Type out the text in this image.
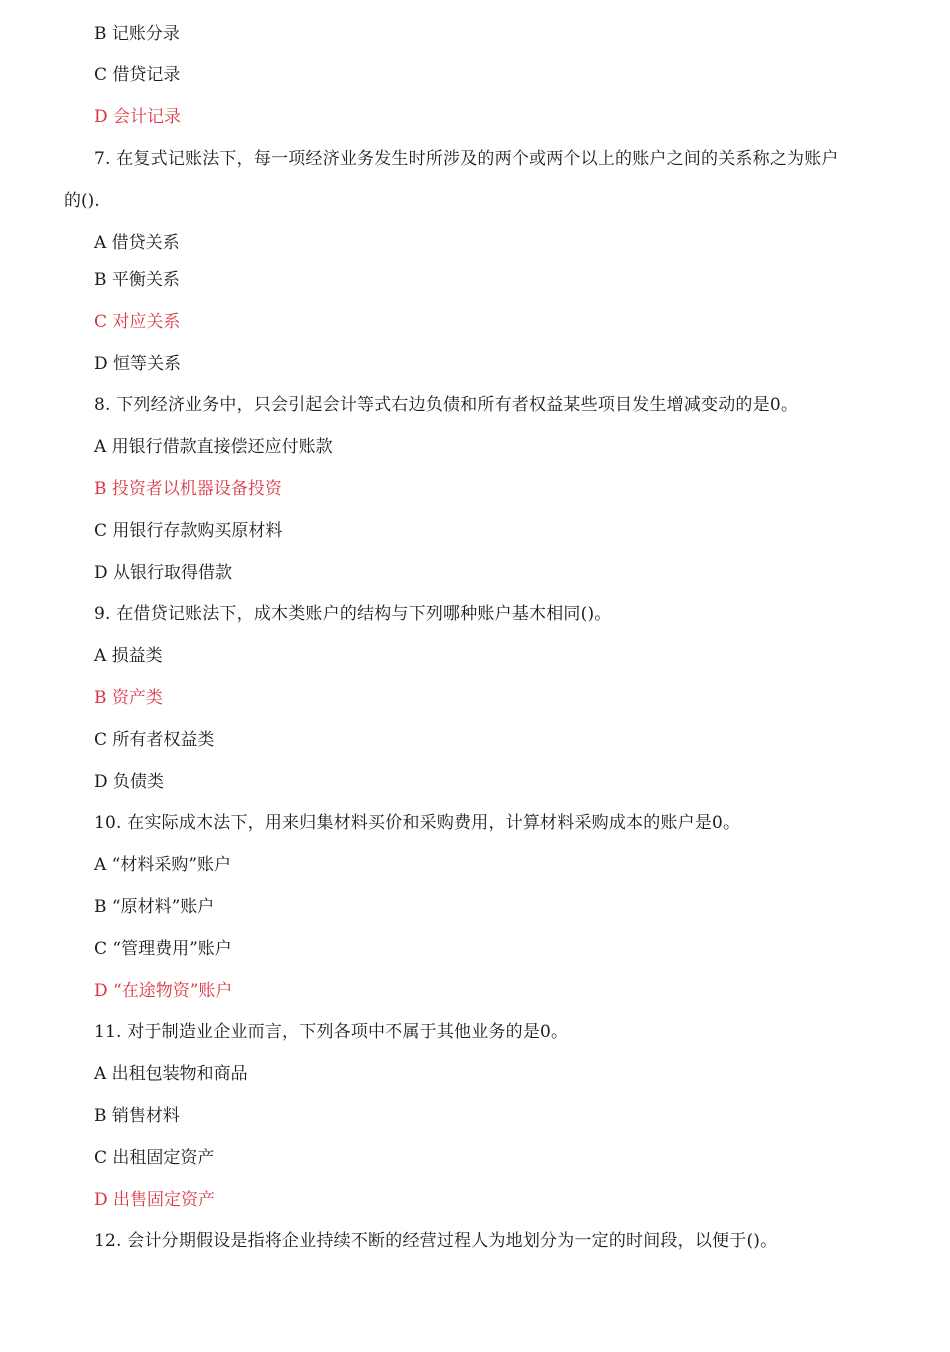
B 记账分录
C 借贷记录
D 会计记录
7. 在复式记账法下，每一项经济业务发生时所涉及的两个或两个以上的账户之间的关系称之为账户
的().
A 借贷关系
B 平衡关系
C 对应关系
D 恒等关系
8. 下列经济业务中，只会引起会计等式右边负债和所有者权益某些项目发生增减变动的是0。
A 用银行借款直接偿还应付账款
B 投资者以机器设备投资
C 用银行存款购买原材料
D 从银行取得借款
9. 在借贷记账法下，成木类账户的结构与下列哪种账户基木相同()。
A 损益类
B 资产类
C 所有者权益类
D 负债类
10. 在实际成木法下，用来归集材料买价和采购费用，计算材料采购成本的账户是0。
A “材料采购”账户
B “原材料”账户
C “管理费用”账户
D “在途物资”账户
11. 对于制造业企业而言，下列各项中不属于其他业务的是0。
A 出租包装物和商品
B 销售材料
C 出租固定资产
D 出售固定资产
12. 会计分期假设是指将企业持续不断的经营过程人为地划分为一定的时间段，以便于()。
